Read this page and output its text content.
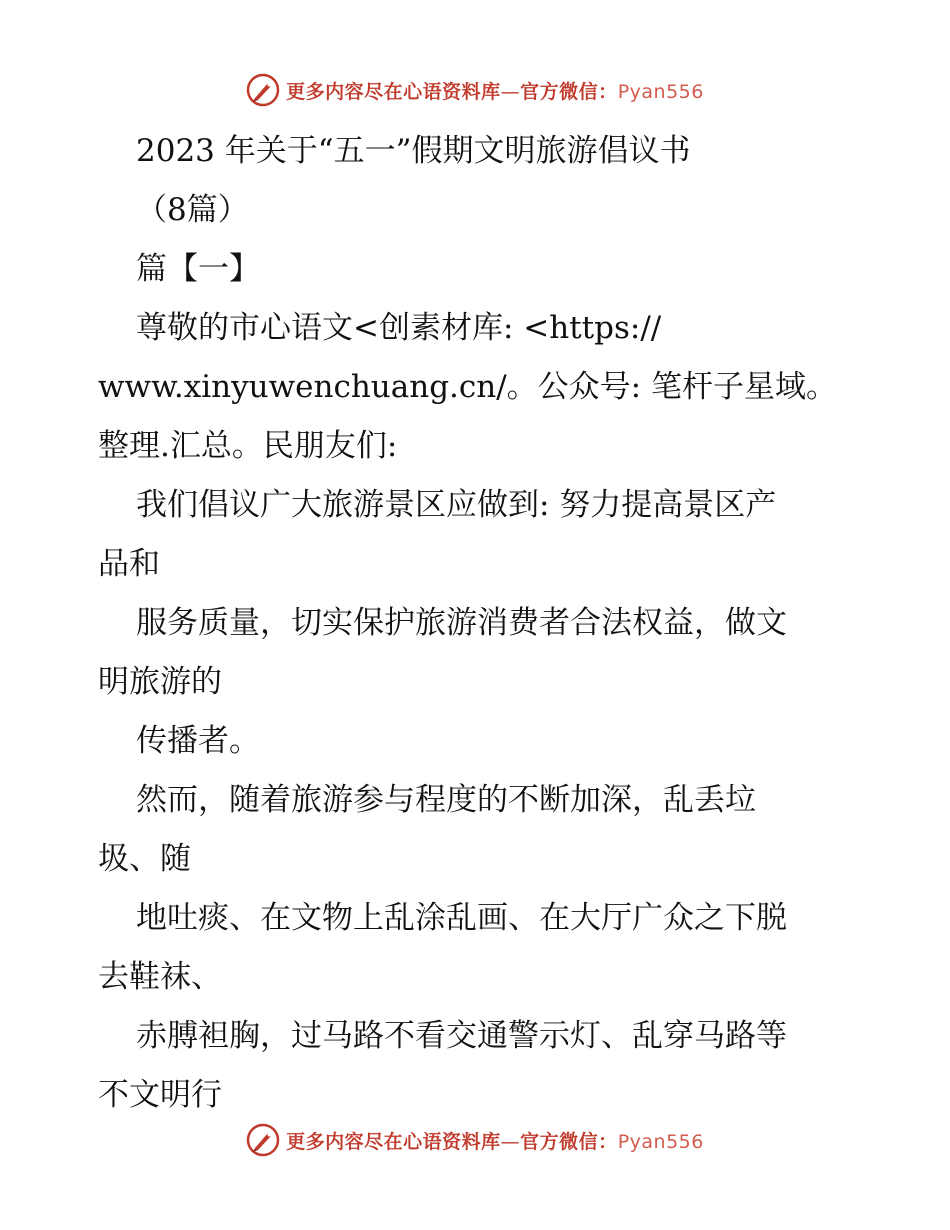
更多内容尽在心语资料库—官方微信：Pyan556

2023 年关于“五一”假期文明旅游倡议书

（8篇）

篇【一】

尊敬的市心语文<创素材库: <https://

www.xinyuwenchuang.cn/。公众号: 笔杆子星域。

整理.汇总。民朋友们:

我们倡议广大旅游景区应做到: 努力提高景区产

品和

服务质量，切实保护旅游消费者合法权益，做文

明旅游的

传播者。

然而，随着旅游参与程度的不断加深，乱丢垃

圾、随

地吐痰、在文物上乱涂乱画、在大厅广众之下脱

去鞋袜、

赤膊袒胸，过马路不看交通警示灯、乱穿马路等

不文明行

更多内容尽在心语资料库—官方微信：Pyan556
